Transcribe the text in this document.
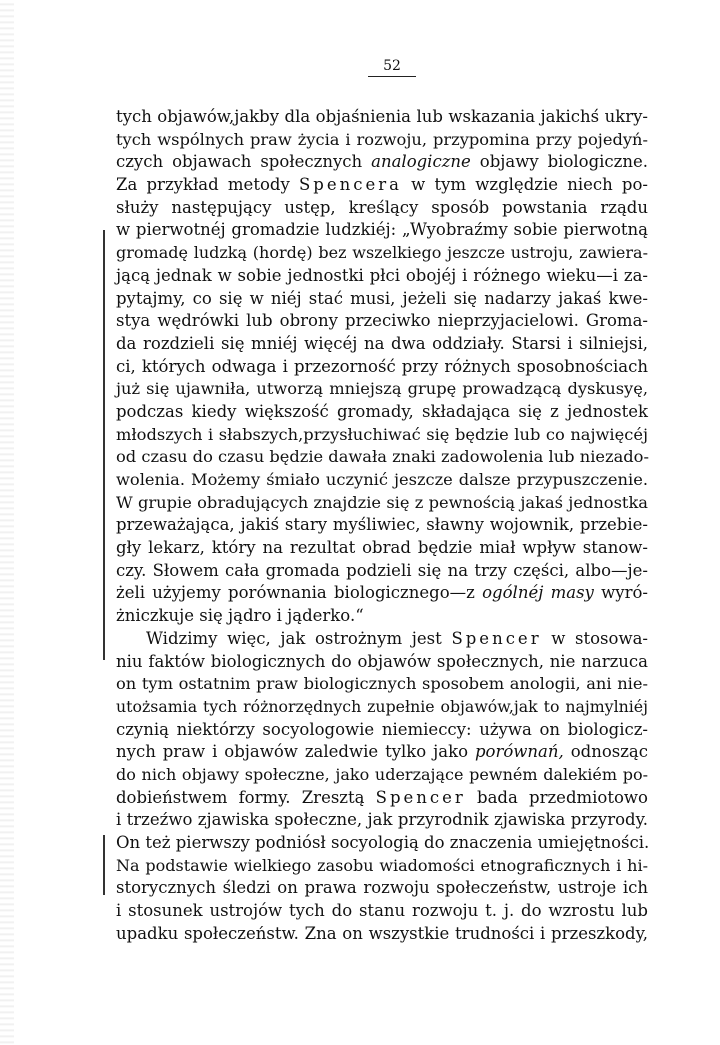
52
tych objawów,jakby dla objaśnienia lub wskazania jakichś ukry-
tych wspólnych praw życia i rozwoju, przypomina przy pojedyń-
czych objawach społecznych analogiczne objawy biologiczne.
Za przykład metody Spencera w tym względzie niech po-
służy następujący ustęp, kreślący sposób powstania rządu
w pierwotnéj gromadzie ludzkiéj: „Wyobraźmy sobie pierwotną
gromadę ludzką (hordę) bez wszelkiego jeszcze ustroju, zawiera-
jącą jednak w sobie jednostki płci obojéj i różnego wieku—i za-
pytajmy, co się w niéj stać musi, jeżeli się nadarzy jakaś kwe-
stya wędrówki lub obrony przeciwko nieprzyjacielowi. Groma-
da rozdzieli się mniéj więcéj na dwa oddziały. Starsi i silniejsi,
ci, których odwaga i przezorność przy różnych sposobnościach
już się ujawniła, utworzą mniejszą grupę prowadzącą dyskusyę,
podczas kiedy większość gromady, składająca się z jednostek
młodszych i słabszych,przysłuchiwać się będzie lub co najwięcéj
od czasu do czasu będzie dawała znaki zadowolenia lub niezado-
wolenia. Możemy śmiało uczynić jeszcze dalsze przypuszczenie.
W grupie obradujących znajdzie się z pewnością jakaś jednostka
przeważająca, jakiś stary myśliwiec, sławny wojownik, przebie-
gły lekarz, który na rezultat obrad będzie miał wpływ stanow-
czy. Słowem cała gromada podzieli się na trzy części, albo—je-
żeli użyjemy porównania biologicznego—z ogólnéj masy wyró-
żniczkuje się jądro i jąderko.“
Widzimy więc, jak ostrożnym jest Spencer w stosowa-
niu faktów biologicznych do objawów społecznych, nie narzuca
on tym ostatnim praw biologicznych sposobem anologii, ani nie-
utożsamia tych różnorzędnych zupełnie objawów,jak to najmylniéj
czynią niektórzy socyologowie niemieccy: używa on biologicz-
nych praw i objawów zaledwie tylko jako porównań, odnosząc
do nich objawy społeczne, jako uderzające pewném dalekiém po-
dobieństwem formy. Zresztą Spencer bada przedmiotowo
i trzeźwo zjawiska społeczne, jak przyrodnik zjawiska przyrody.
On też pierwszy podniósł socyologią do znaczenia umiejętności.
Na podstawie wielkiego zasobu wiadomości etnograficznych i hi-
storycznych śledzi on prawa rozwoju społeczeństw, ustroje ich
i stosunek ustrojów tych do stanu rozwoju t. j. do wzrostu lub
upadku społeczeństw. Zna on wszystkie trudności i przeszkody,
